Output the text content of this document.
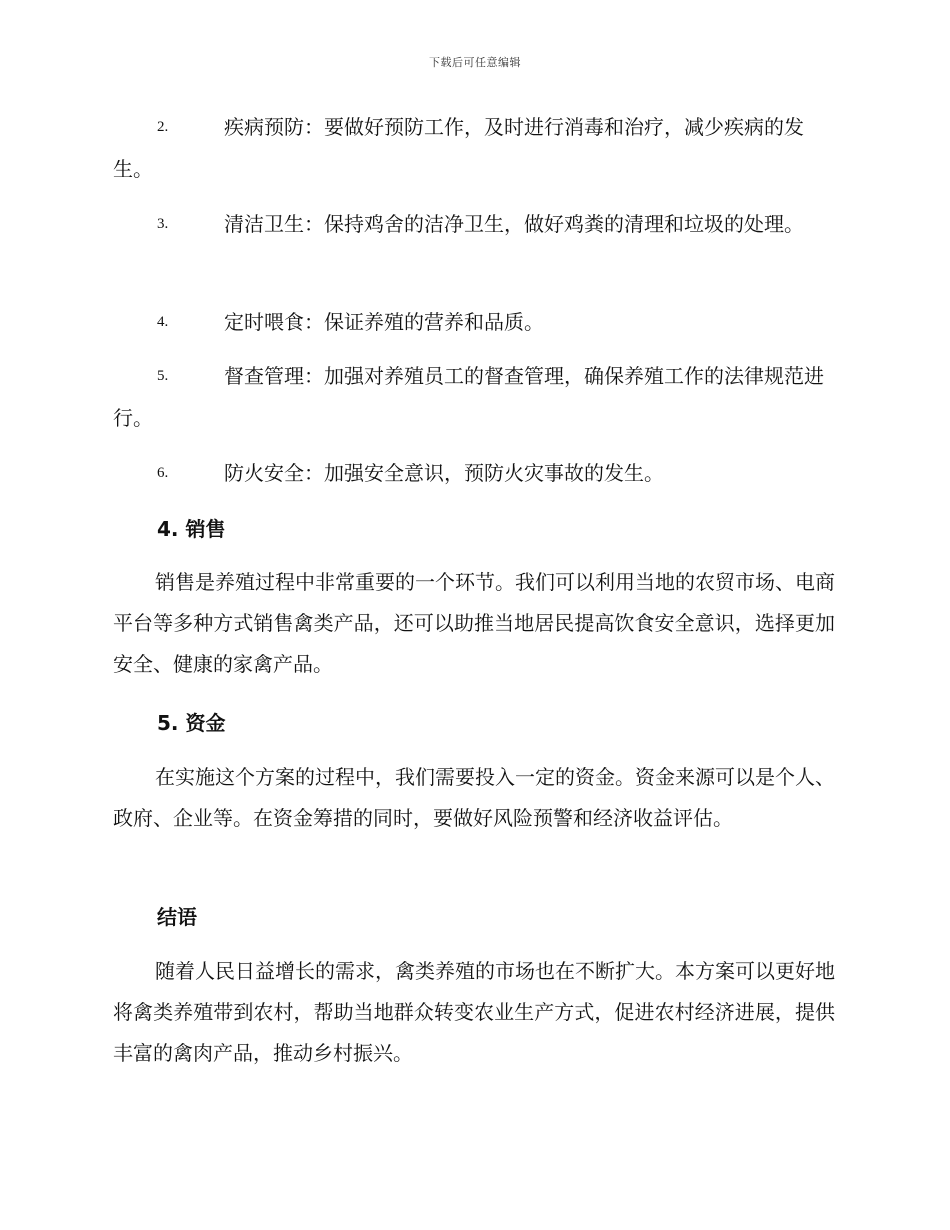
下载后可任意编辑
2.	疾病预防：要做好预防工作，及时进行消毒和治疗，减少疾病的发生。
3.	清洁卫生：保持鸡舍的洁净卫生，做好鸡粪的清理和垃圾的处理。
4.	定时喂食：保证养殖的营养和品质。
5.	督查管理：加强对养殖员工的督查管理，确保养殖工作的法律规范进行。
6.	防火安全：加强安全意识，预防火灾事故的发生。
4. 销售
销售是养殖过程中非常重要的一个环节。我们可以利用当地的农贸市场、电商平台等多种方式销售禽类产品，还可以助推当地居民提高饮食安全意识，选择更加安全、健康的家禽产品。
5. 资金
在实施这个方案的过程中，我们需要投入一定的资金。资金来源可以是个人、政府、企业等。在资金筹措的同时，要做好风险预警和经济收益评估。
结语
随着人民日益增长的需求，禽类养殖的市场也在不断扩大。本方案可以更好地将禽类养殖带到农村，帮助当地群众转变农业生产方式，促进农村经济进展，提供丰富的禽肉产品，推动乡村振兴。
